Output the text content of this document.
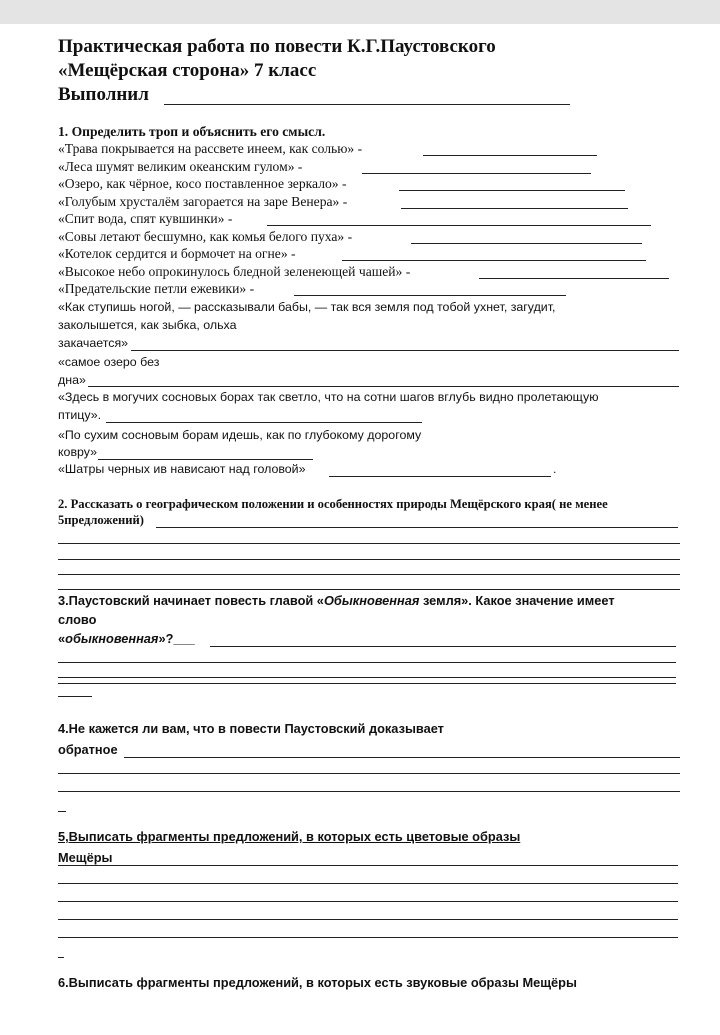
Практическая работа по повести К.Г.Паустовского
«Мещёрская сторона» 7 класс
Выполнил
1. Определить троп и объяснить его смысл.
«Трава покрывается на рассвете инеем, как солью» -
«Леса шумят великим океанским гулом» -
«Озеро, как чёрное, косо поставленное зеркало» -
«Голубым хрусталём загорается на заре Венера» -
«Спит вода, спят кувшинки» -
«Совы летают бесшумно, как комья белого пуха» -
«Котелок сердится и бормочет на огне» -
«Высокое небо опрокинулось бледной зеленеющей чашей» -
«Предательские петли ежевики» -
«Как ступишь ногой, — рассказывали бабы, — так вся земля под тобой ухнет, загудит,
заколышется, как зыбка, ольха
закачается»
«самое озеро без
дна»
«Здесь в могучих сосновых борах так светло, что на сотни шагов вглубь видно пролетающую
птицу».
«По сухим сосновым борам идешь, как по глубокому дорогому
ковру»
«Шатры черных ив нависают над головой»	.
2. Рассказать о географическом положении и особенностях природы Мещёрского края( не менее
5предложений)
3.Паустовский начинает повесть главой «Обыкновенная земля». Какое значение имеет
слово
«обыкновенная»?___
4.Не кажется ли вам, что в повести Паустовский доказывает
обратное
5,Выписать фрагменты предложений, в которых есть цветовые образы
Мещёры
6.Выписать фрагменты предложений, в которых есть звуковые образы Мещёры
